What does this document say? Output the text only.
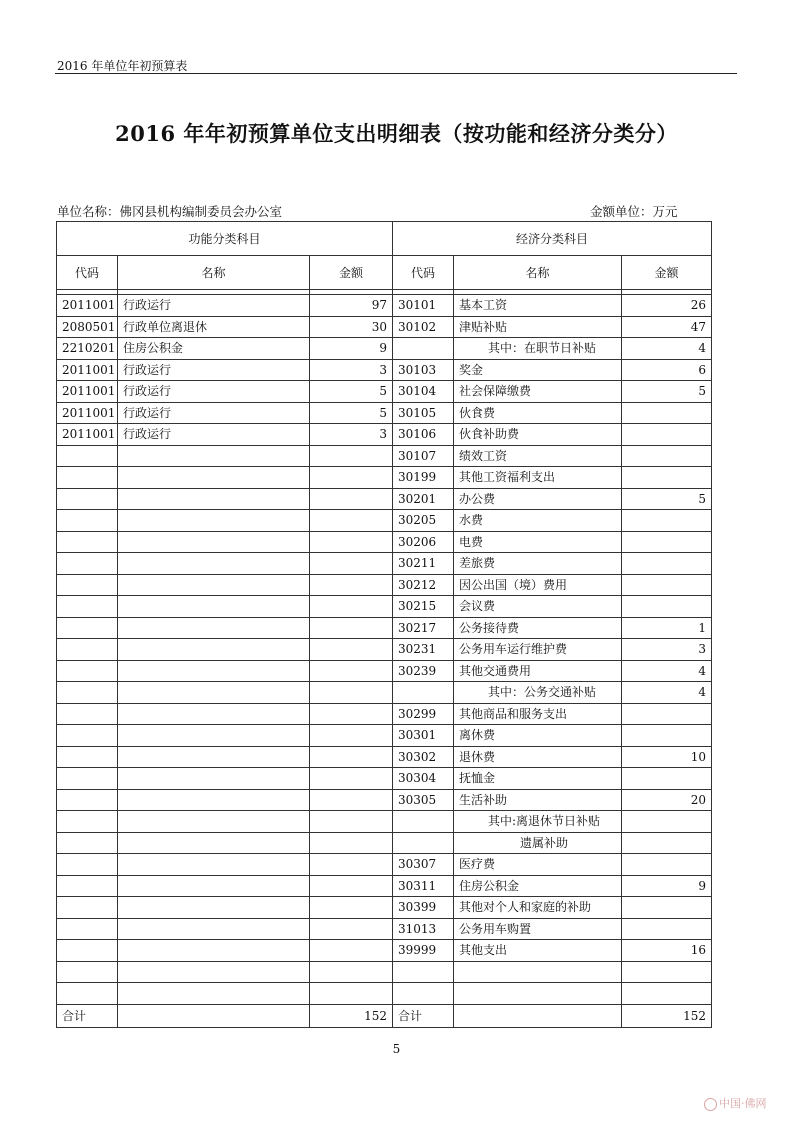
2016 年单位年初预算表
2016 年年初预算单位支出明细表（按功能和经济分类分）
单位名称：佛冈县机构编制委员会办公室	金额单位：万元
功能分类科目			经济分类科目		
代码	名称	金额	代码	名称	金额

2011001	行政运行	97	30101	基本工资	26
2080501	行政单位离退休	30	30102	津贴补贴	47
2210201	住房公积金	9		其中：在职节日补贴	4
2011001	行政运行	3	30103	奖金	6
2011001	行政运行	5	30104	社会保障缴费	5
2011001	行政运行	5	30105	伙食费	
2011001	行政运行	3	30106	伙食补助费	
			30107	绩效工资	
			30199	其他工资福利支出	
			30201	办公费	5
			30205	水费	
			30206	电费	
			30211	差旅费	
			30212	因公出国（境）费用	
			30215	会议费	
			30217	公务接待费	1
			30231	公务用车运行维护费	3
			30239	其他交通费用	4
				其中：公务交通补贴	4
			30299	其他商品和服务支出	
			30301	离休费	
			30302	退休费	10
			30304	抚恤金	
			30305	生活补助	20
				其中:离退休节日补贴	
				遗属补助	
			30307	医疗费	
			30311	住房公积金	9
			30399	其他对个人和家庭的补助	
			31013	公务用车购置	
			39999	其他支出	16

合计		152	合计		152
5
中国·佛网
